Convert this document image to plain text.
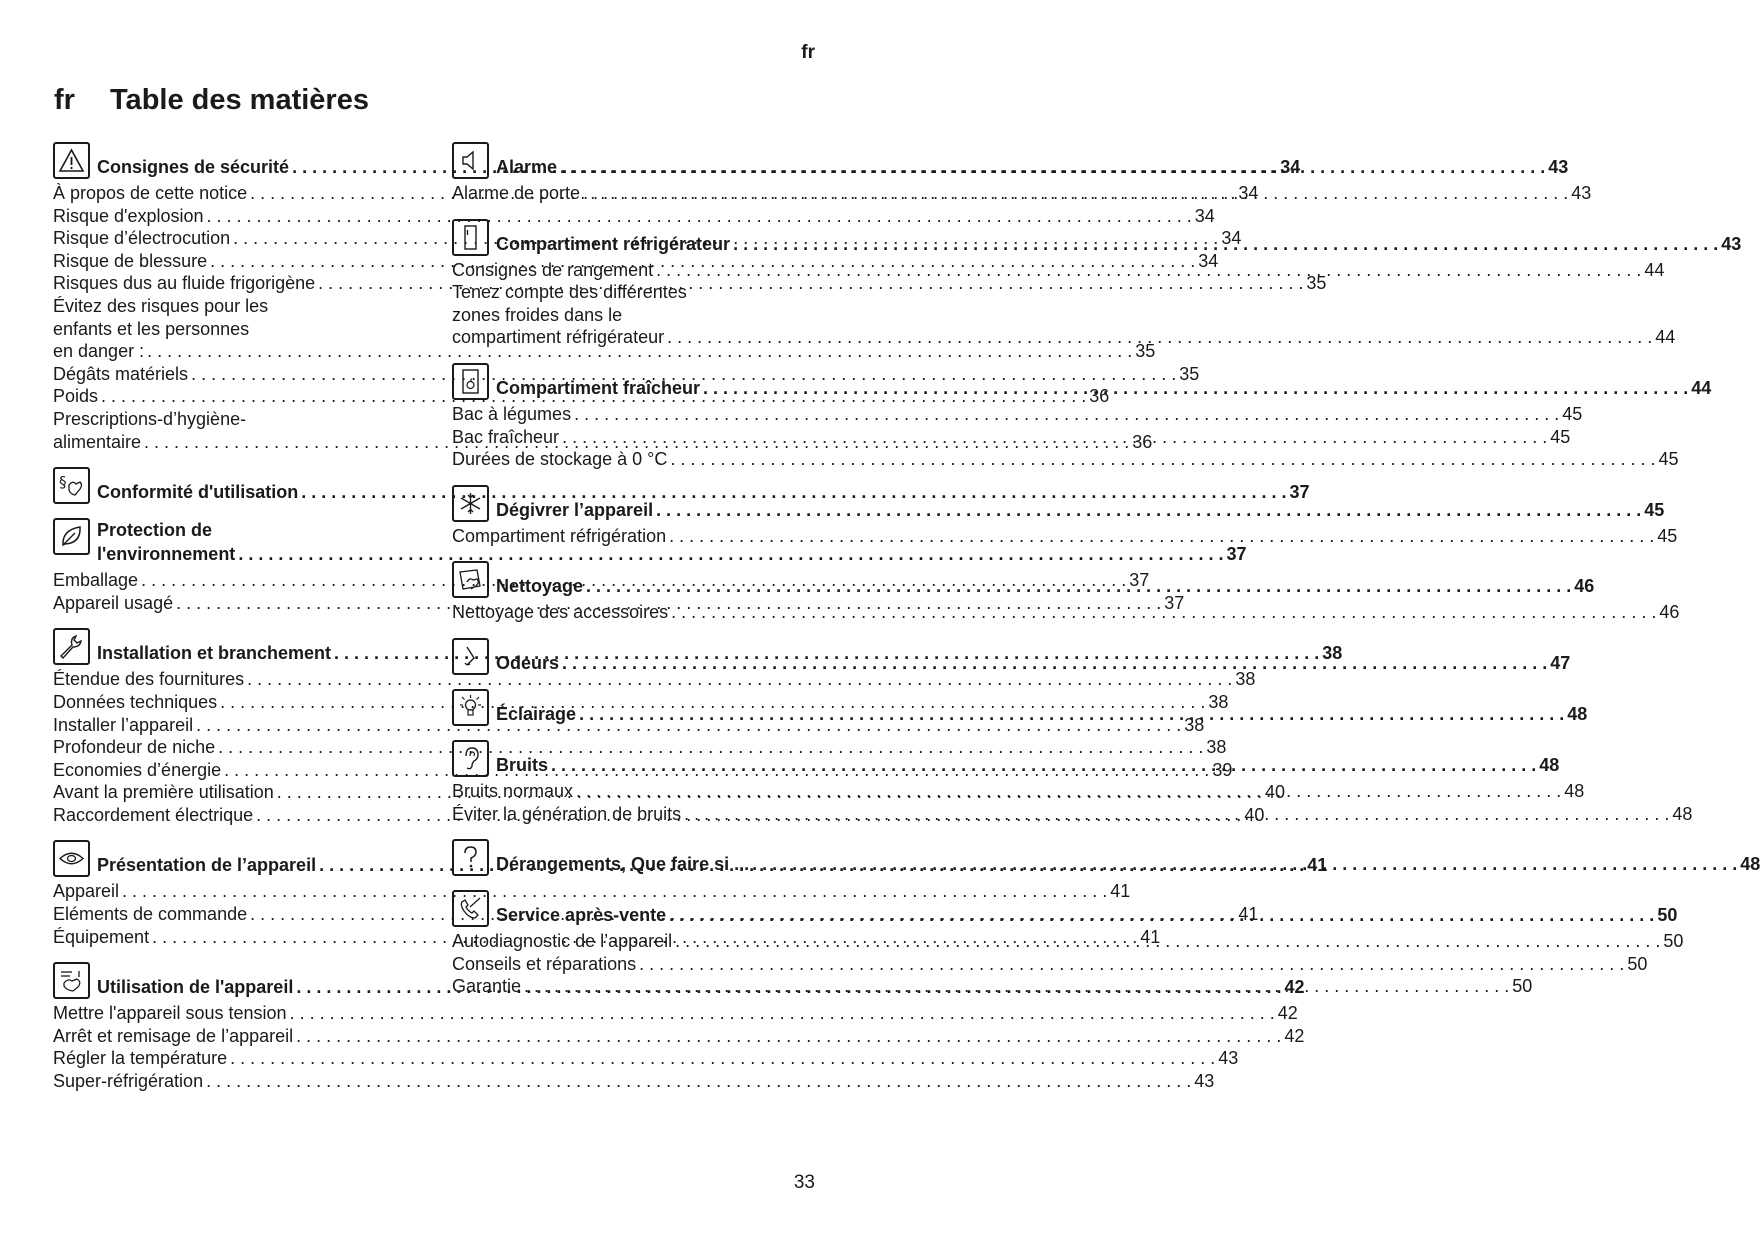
fr
fr Table des matières
Consignes de sécurité . . .	34
À propos de cette notice . . .	34
Risque d'explosion . . .	34
Risque d’électrocution . . .	34
Risque de blessure . . .	34
Risques dus au fluide frigorigène . . .	35
Évitez des risques pour les
enfants et les personnes
en danger : . . .	35
Dégâts matériels . . .	35
Poids . . .	36
Prescriptions-d’hygiène-
alimentaire . . .	36
§ Conformité d'utilisation . . .	37
Protection de
l'environnement . . .	37
Emballage . . .	37
Appareil usagé . . .	37
Installation et branchement . . .	38
Étendue des fournitures . . .	38
Données techniques . . .	38
Installer l’appareil . . .	38
Profondeur de niche . . .	38
Economies d’énergie . . .	39
Avant la première utilisation . . .	40
Raccordement électrique . . .	40
Présentation de l’appareil . . .	41
Appareil . . .	41
Eléments de commande . . .	41
Équipement . . .	41
Utilisation de l'appareil . . .	42
Mettre l'appareil sous tension . . .	42
Arrêt et remisage de l’appareil . . .	42
Régler la température . . .	43
Super-réfrigération . . .	43
Alarme . . .	43
Alarme de porte . . .	43
Compartiment réfrigérateur . . .	43
Consignes de rangement . . .	44
Tenez compte des différentes
zones froides dans le
compartiment réfrigérateur . . .	44
Compartiment fraîcheur . . .	44
Bac à légumes . . .	45
Bac fraîcheur . . .	45
Durées de stockage à 0 °C . . .	45
Dégivrer l’appareil . . .	45
Compartiment réfrigération . . .	45
Nettoyage . . .	46
Nettoyage des accessoires . . .	46
Odeurs . . .	47
Éclairage . . .	48
Bruits . . .	48
Bruits normaux . . .	48
Éviter la génération de bruits . . .	48
Dérangements, Que faire si ... . . .	48
Service après-vente . . .	50
Autodiagnostic de l’appareil . . .	50
Conseils et réparations . . .	50
Garantie . . .	50
33
